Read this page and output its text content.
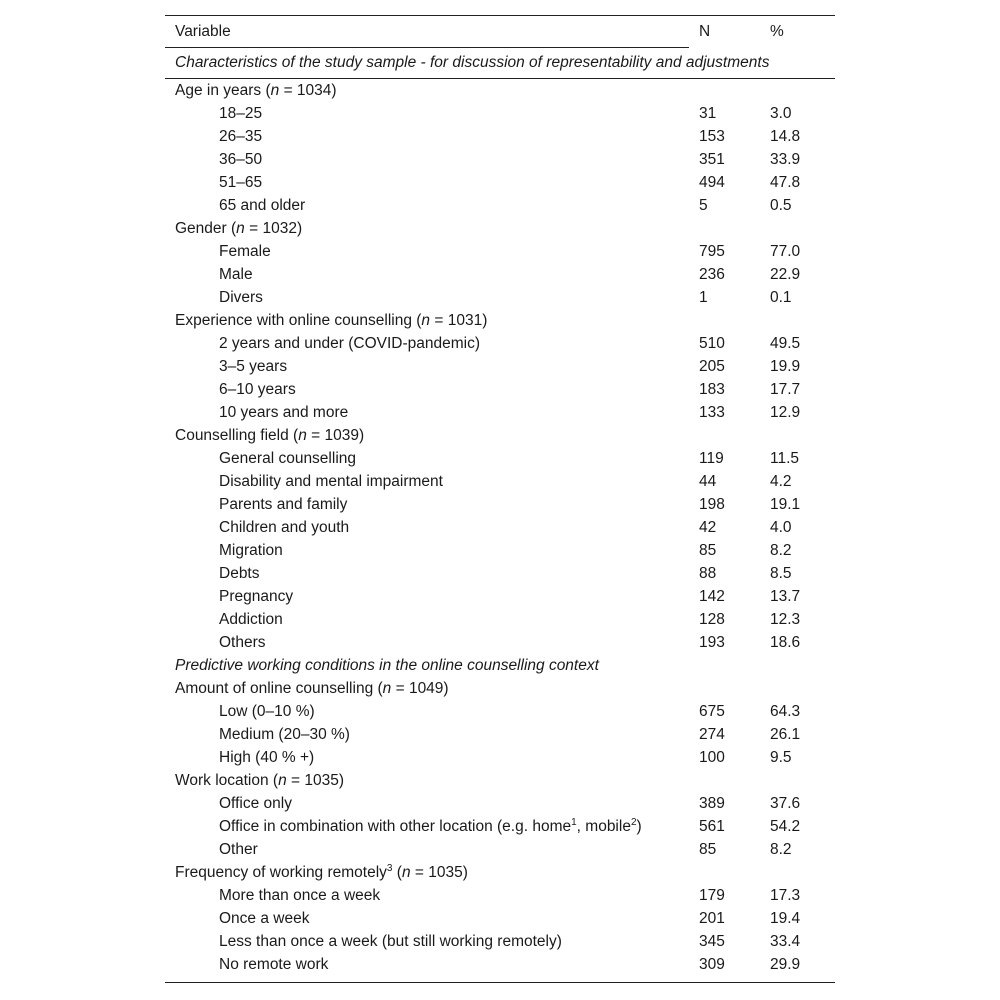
Variable	N	%
Characteristics of the study sample - for discussion of representability and adjustments
Age in years (n = 1034)
18–25	31	3.0
26–35	153	14.8
36–50	351	33.9
51–65	494	47.8
65 and older	5	0.5
Gender (n = 1032)
Female	795	77.0
Male	236	22.9
Divers	1	0.1
Experience with online counselling (n = 1031)
2 years and under (COVID-pandemic)	510	49.5
3–5 years	205	19.9
6–10 years	183	17.7
10 years and more	133	12.9
Counselling field (n = 1039)
General counselling	119	11.5
Disability and mental impairment	44	4.2
Parents and family	198	19.1
Children and youth	42	4.0
Migration	85	8.2
Debts	88	8.5
Pregnancy	142	13.7
Addiction	128	12.3
Others	193	18.6
Predictive working conditions in the online counselling context
Amount of online counselling (n = 1049)
Low (0–10 %)	675	64.3
Medium (20–30 %)	274	26.1
High (40 % +)	100	9.5
Work location (n = 1035)
Office only	389	37.6
Office in combination with other location (e.g. home$^1$, mobile$^2$)	561	54.2
Other	85	8.2
Frequency of working remotely$^3$ (n = 1035)
More than once a week	179	17.3
Once a week	201	19.4
Less than once a week (but still working remotely)	345	33.4
No remote work	309	29.9
